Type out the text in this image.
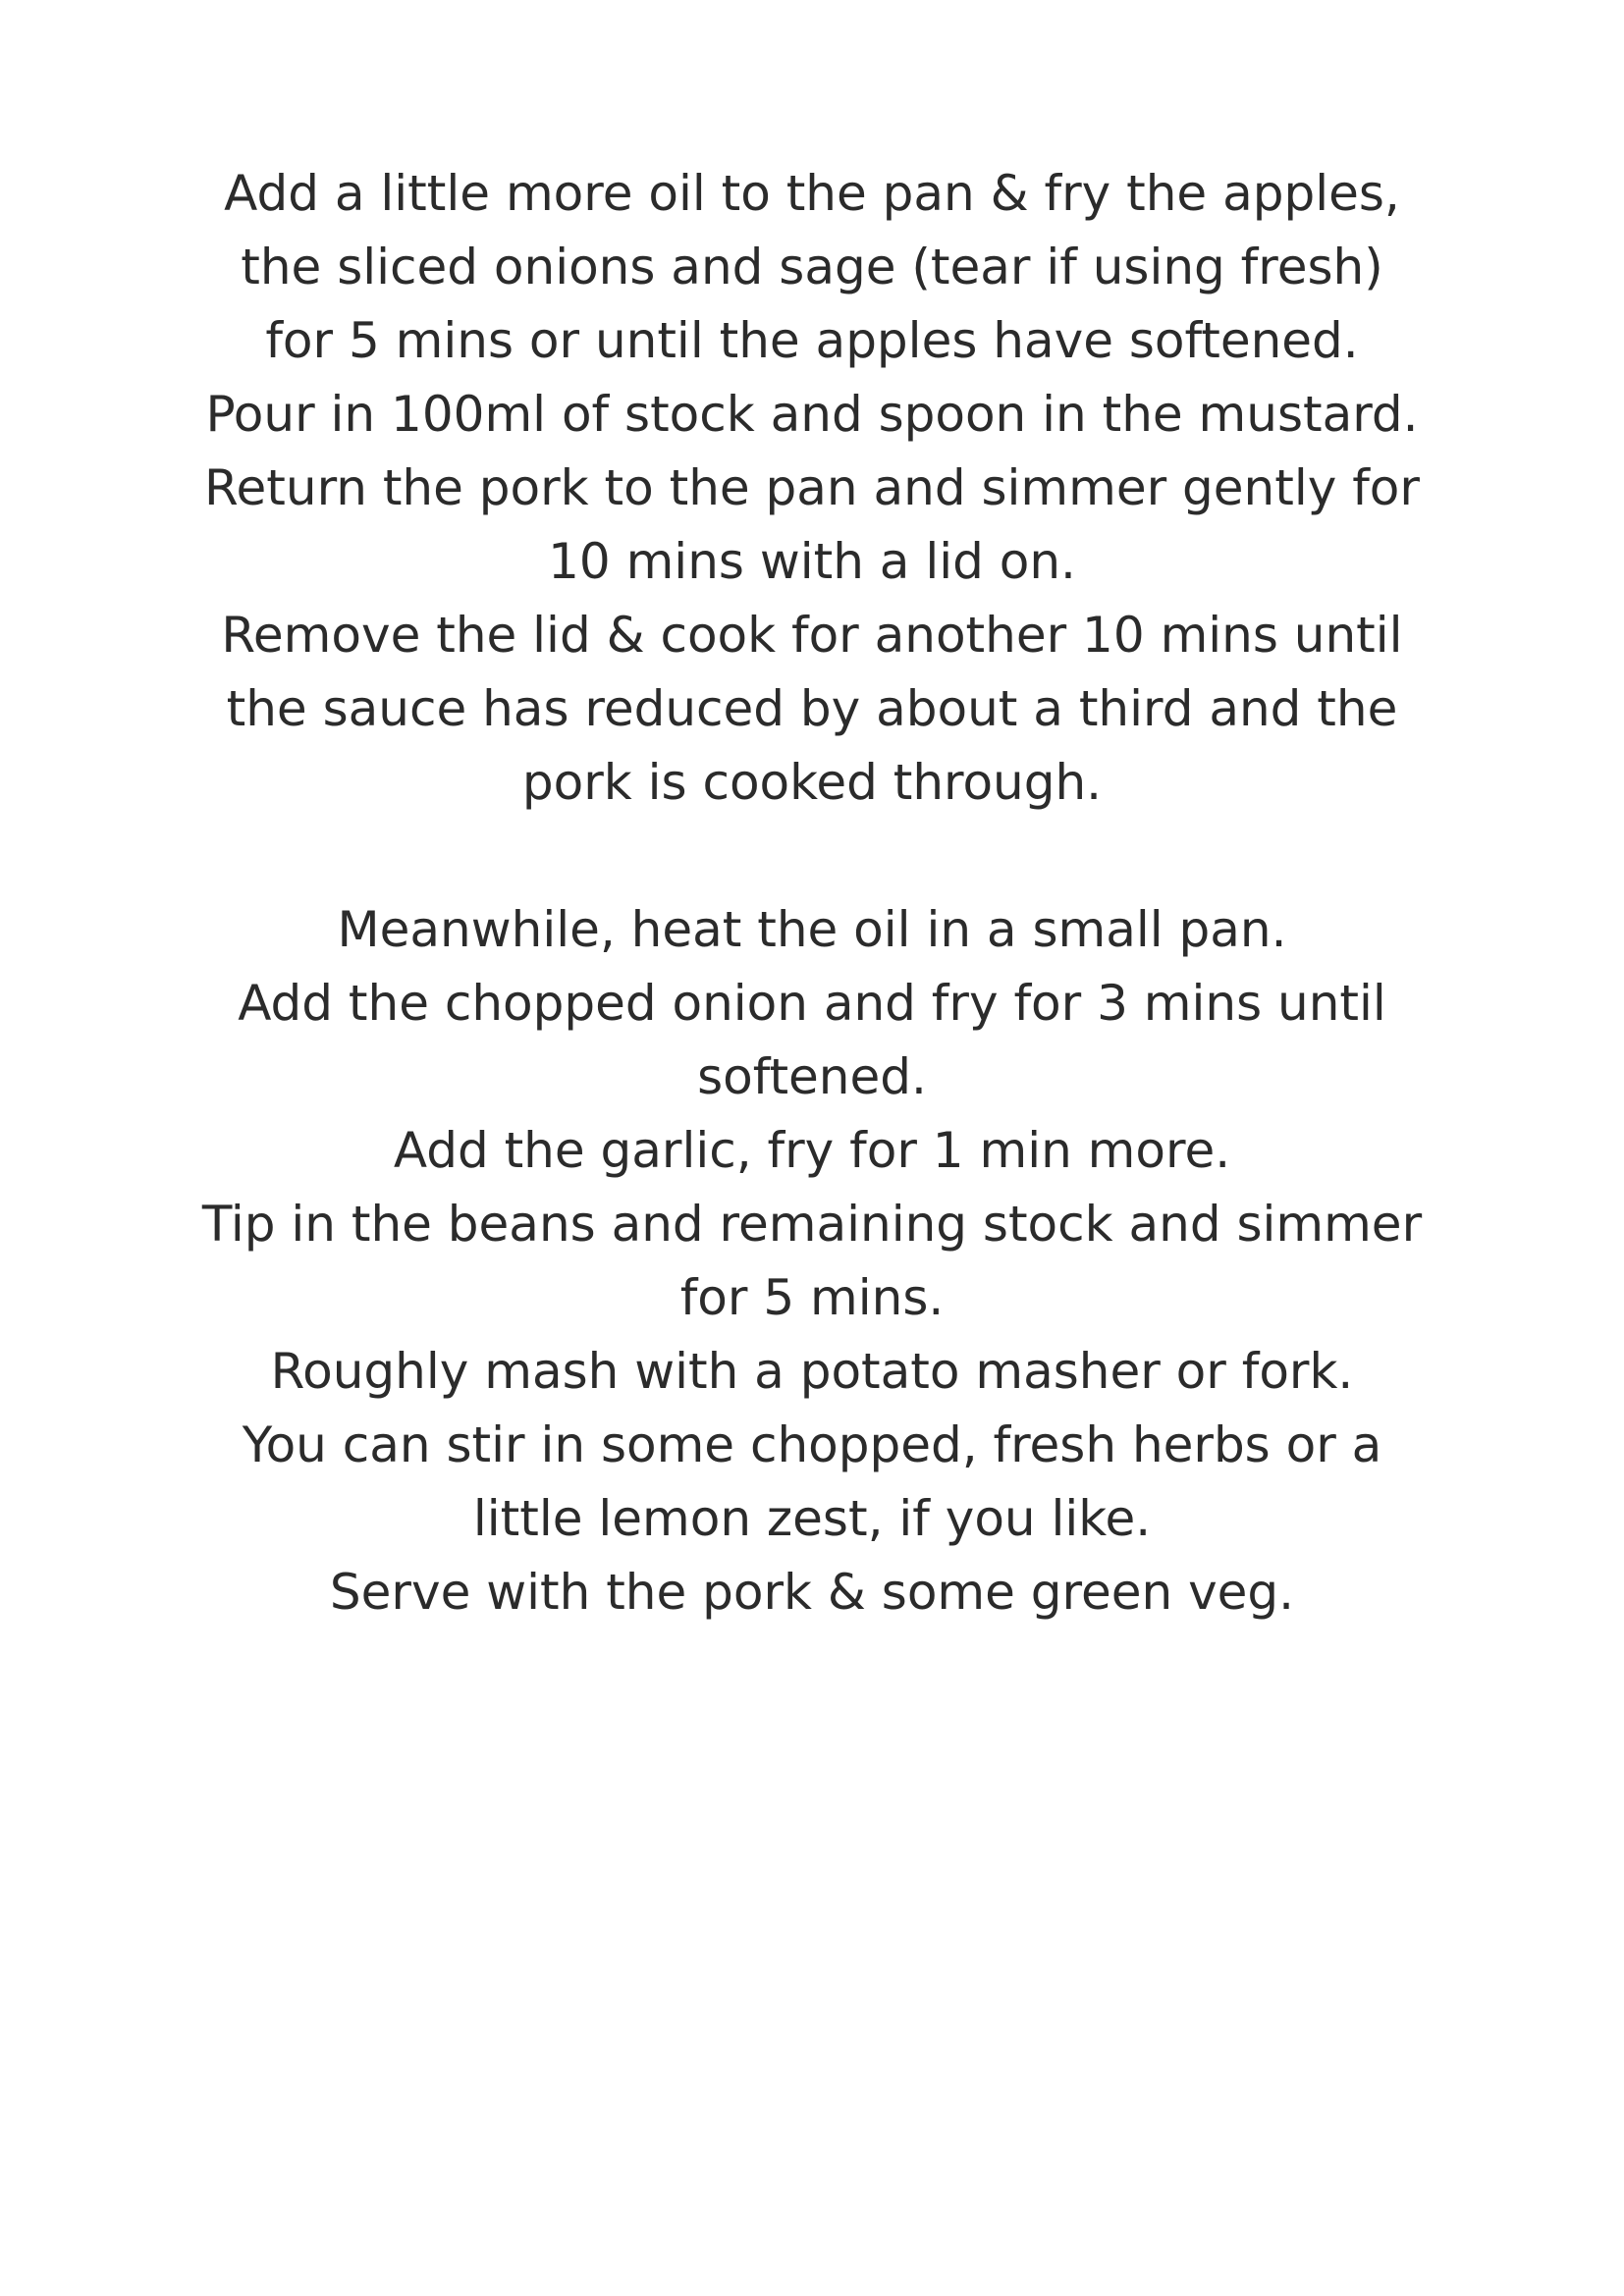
Add a little more oil to the pan & fry the apples,
the sliced onions and sage (tear if using fresh)
for 5 mins or until the apples have softened.
Pour in 100ml of stock and spoon in the mustard.
Return the pork to the pan and simmer gently for
10 mins with a lid on.
Remove the lid & cook for another 10 mins until
the sauce has reduced by about a third and the
pork is cooked through.
Meanwhile, heat the oil in a small pan.
Add the chopped onion and fry for 3 mins until
softened.
Add the garlic, fry for 1 min more.
Tip in the beans and remaining stock and simmer
for 5 mins.
Roughly mash with a potato masher or fork.
You can stir in some chopped, fresh herbs or a
little lemon zest, if you like.
Serve with the pork & some green veg.
